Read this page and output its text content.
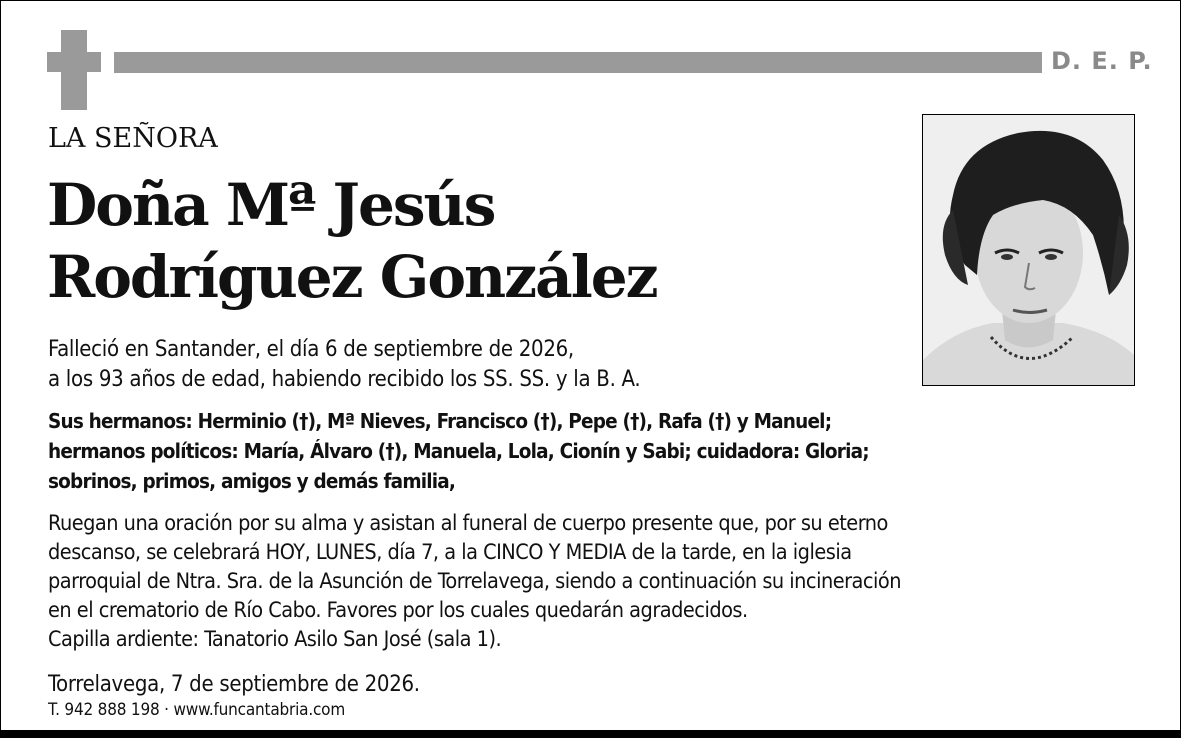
D. E. P.
LA SEÑORA
Doña Mª Jesús
Rodríguez González
Falleció en Santander, el día 6 de septiembre de 2026,
a los 93 años de edad, habiendo recibido los SS. SS. y la B. A.
Sus hermanos: Herminio (†), Mª Nieves, Francisco (†), Pepe (†), Rafa (†) y Manuel;
hermanos políticos: María, Álvaro (†), Manuela, Lola, Cionín y Sabi; cuidadora: Gloria;
sobrinos, primos, amigos y demás familia,
Ruegan una oración por su alma y asistan al funeral de cuerpo presente que, por su eterno
descanso, se celebrará HOY, LUNES, día 7, a la CINCO Y MEDIA de la tarde, en la iglesia
parroquial de Ntra. Sra. de la Asunción de Torrelavega, siendo a continuación su incineración
en el crematorio de Río Cabo. Favores por los cuales quedarán agradecidos.
Capilla ardiente: Tanatorio Asilo San José (sala 1).
Torrelavega, 7 de septiembre de 2026.
T. 942 888 198 · www.funcantabria.com
